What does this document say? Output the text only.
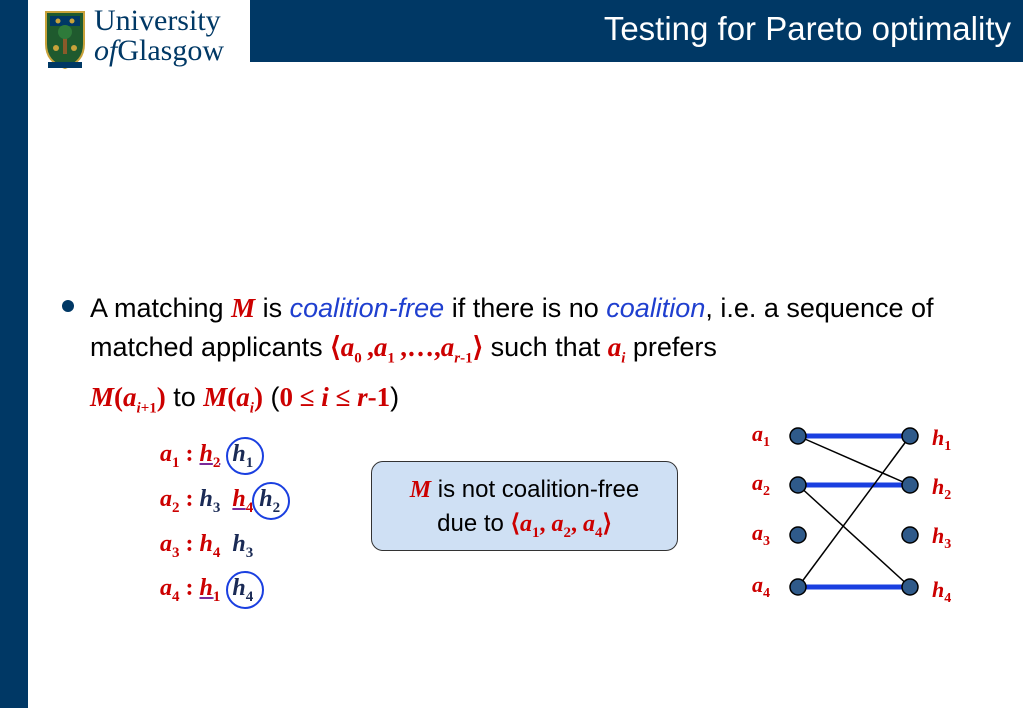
Testing for Pareto optimality
University
ofGlasgow
A matching M is coalition-free if there is no coalition, i.e. a sequence of matched applicants $⟨a_0$ $,a_1$ $,\dots,a_{r-1}⟩$ such that $a_i$ prefers
$M(a_{i+1})$ to $M(a_i) (0 \le i \le r-1)$
$a_1$ : $h_2$ $h_1$
$a_2$ : $h_3$ $h_4$ $h_2$
$a_3$ : $h_4$ $h_3$
$a_4$ : $h_1$ $h_4$
M is not coalition-free
due to $⟨a_1$, $a_2$, $a_4⟩$
$a_1$
$a_2$
$a_3$
$a_4$
$h_1$
$h_2$
$h_3$
$h_4$
